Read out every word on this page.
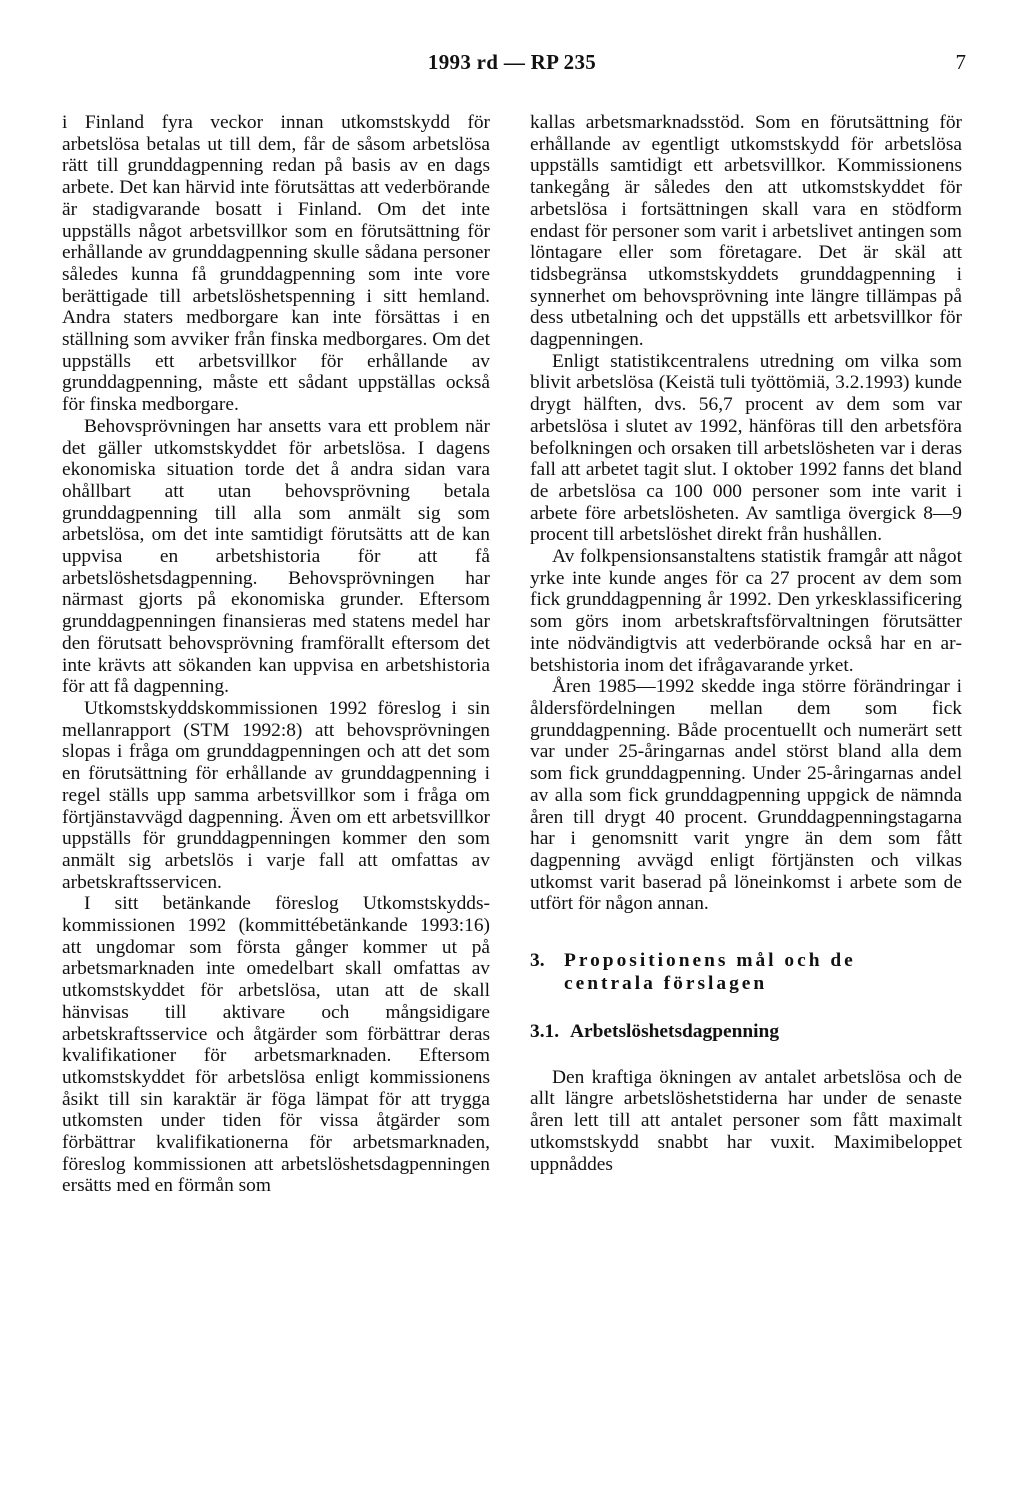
1993 rd — RP 235	7

i Finland fyra veckor innan utkomstskydd för arbetslösa betalas ut till dem, får de såsom arbetslösa rätt till grunddagpenning redan på basis av en dags arbete. Det kan härvid inte förutsättas att vederbörande är stadigvarande bosatt i Finland. Om det inte uppställs något arbetsvillkor som en förutsättning för erhållande av grunddagpenning skulle sådana personer således kunna få grunddagpenning som inte vore berättigade till arbetslöshetspenning i sitt hemland. Andra staters medborgare kan inte försättas i en ställning som avviker från finska medborgares. Om det uppställs ett arbetsvillkor för erhållande av grunddagpenning, måste ett sådant uppställas också för finska medborgare.

Behovsprövningen har ansetts vara ett problem när det gäller utkomstskyddet för arbetslösa. I dagens ekonomiska situation torde det å andra sidan vara ohållbart att utan behovsprövning betala grunddagpenning till alla som anmält sig som arbetslösa, om det inte samtidigt förutsätts att de kan uppvisa en arbetshistoria för att få arbetslöshetsdagpenning. Behovsprövningen har närmast gjorts på ekonomiska grunder. Eftersom grunddagpenningen finansieras med statens medel har den förutsatt behovsprövning framförallt eftersom det inte krävts att sökanden kan uppvisa en arbetshistoria för att få dagpenning.

Utkomstskyddskommissionen 1992 föreslog i sin mellanrapport (STM 1992:8) att behovsprövningen slopas i fråga om grunddagpenningen och att det som en förutsättning för erhållande av grunddagpenning i regel ställs upp samma arbetsvillkor som i fråga om förtjänstavvägd dagpenning. Även om ett arbetsvillkor uppställs för grunddagpenningen kommer den som anmält sig arbetslös i varje fall att omfattas av arbetskraftsservicen.

I sitt betänkande föreslog Utkomstskyddskommissionen 1992 (kommittébetänkande 1993:16) att ungdomar som första gånger kommer ut på arbetsmarknaden inte omedelbart skall omfattas av utkomstskyddet för arbetslösa, utan att de skall hänvisas till aktivare och mångsidigare arbetskraftsservice och åtgärder som förbättrar deras kvalifikationer för arbetsmarknaden. Eftersom utkomstskyddet för arbetslösa enligt kommissionens åsikt till sin karaktär är föga lämpat för att trygga utkomsten under tiden för vissa åtgärder som förbättrar kvalifikationerna för arbetsmarknaden, föreslog kommissionen att arbetslöshetsdagpenningen ersätts med en förmån som

kallas arbetsmarknadsstöd. Som en förutsättning för erhållande av egentligt utkomstskydd för arbetslösa uppställs samtidigt ett arbetsvillkor. Kommissionens tankegång är således den att utkomstskyddet för arbetslösa i fortsättningen skall vara en stödform endast för personer som varit i arbetslivet antingen som löntagare eller som företagare. Det är skäl att tidsbegränsa utkomstskyddets grunddagpenning i synnerhet om behovsprövning inte längre tillämpas på dess utbetalning och det uppställs ett arbetsvillkor för dagpenningen.

Enligt statistikcentralens utredning om vilka som blivit arbetslösa (Keistä tuli työttömiä, 3.2.1993) kunde drygt hälften, dvs. 56,7 procent av dem som var arbetslösa i slutet av 1992, hänföras till den arbetsföra befolkningen och orsaken till arbetslösheten var i deras fall att arbetet tagit slut. I oktober 1992 fanns det bland de arbetslösa ca 100 000 personer som inte varit i arbete före arbetslösheten. Av samtliga övergick 8—9 procent till arbetslöshet direkt från hushållen.

Av folkpensionsanstaltens statistik framgår att något yrke inte kunde anges för ca 27 procent av dem som fick grunddagpenning år 1992. Den yrkesklassificering som görs inom arbetskraftsförvaltningen förutsätter inte nödvändigtvis att vederbörande också har en arbetshistoria inom det ifrågavarande yrket.

Åren 1985—1992 skedde inga större förändringar i åldersfördelningen mellan dem som fick grunddagpenning. Både procentuellt och numerärt sett var under 25-åringarnas andel störst bland alla dem som fick grunddagpenning. Under 25-åringarnas andel av alla som fick grunddagpenning uppgick de nämnda åren till drygt 40 procent. Grunddagpenningstagarna har i genomsnitt varit yngre än dem som fått dagpenning avvägd enligt förtjänsten och vilkas utkomst varit baserad på löneinkomst i arbete som de utfört för någon annan.

3. Propositionens mål och de
centrala förslagen
3.1. Arbetslöshetsdagpenning

Den kraftiga ökningen av antalet arbetslösa och de allt längre arbetslöshetstiderna har under de senaste åren lett till att antalet personer som fått maximalt utkomstskydd snabbt har vuxit. Maximibeloppet uppnåddes
